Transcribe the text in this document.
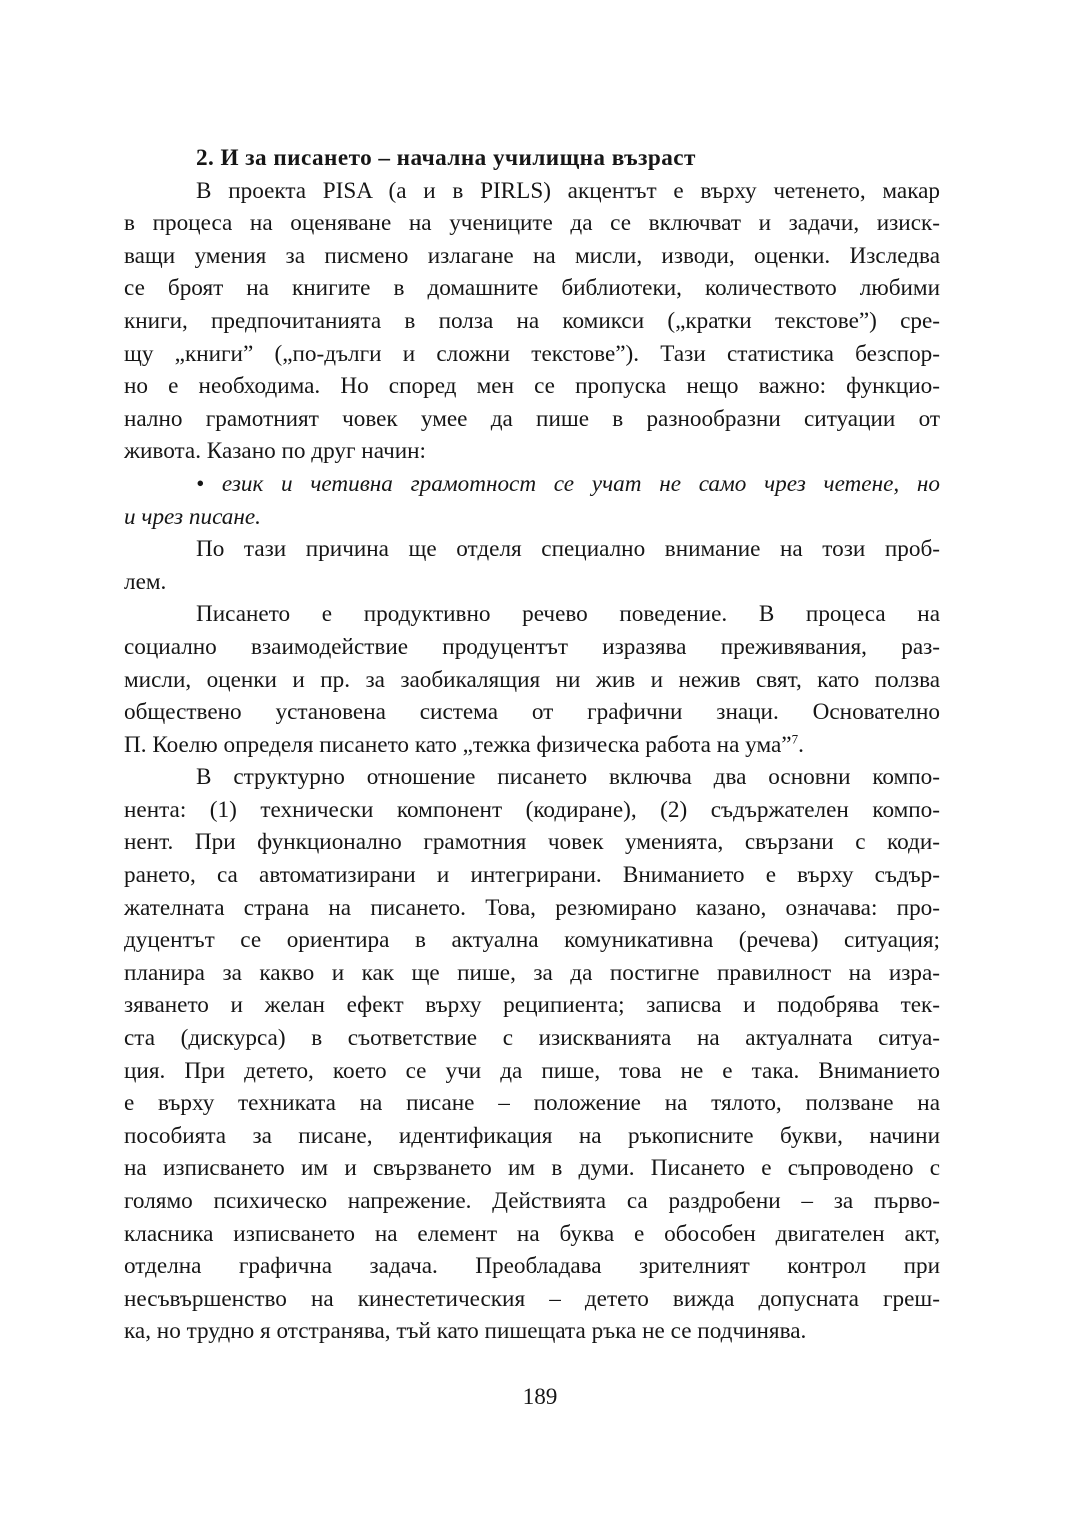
2. И за писането – начална училищна възраст
В проекта PISA (а и в PIRLS) акцентът е върху четенето, макар
в процеса на оценяване на учениците да се включват и задачи, изиск-
ващи умения за писмено излагане на мисли, изводи, оценки. Изследва
се броят на книгите в домашните библиотеки, количеството любими
книги, предпочитанията в полза на комикси („кратки текстове”) сре-
щу „книги” („по-дълги и сложни текстове”). Тази статистика безспор-
но е необходима. Но според мен се пропуска нещо важно: функцио-
нално грамотният човек умее да пише в разнообразни ситуации от
живота. Казано по друг начин:
• език и четивна грамотност се учат не само чрез четене, но
и чрез писане.
По тази причина ще отделя специално внимание на този проб-
лем.
Писането е продуктивно речево поведение. В процеса на
социално взаимодействие продуцентът изразява преживявания, раз-
мисли, оценки и пр. за заобикалящия ни жив и нежив свят, като ползва
обществено установена система от графични знаци. Основателно
П. Коелю определя писането като „тежка физическа работа на ума”$^7$.
В структурно отношение писането включва два основни компо-
нента: (1) технически компонент (кодиране), (2) съдържателен компо-
нент. При функционално грамотния човек уменията, свързани с коди-
рането, са автоматизирани и интегрирани. Вниманието е върху съдър-
жателната страна на писането. Това, резюмирано казано, означава: про-
дуцентът се ориентира в актуална комуникативна (речева) ситуация;
планира за какво и как ще пише, за да постигне правилност на изра-
зяването и желан ефект върху реципиента; записва и подобрява тек-
ста (дискурса) в съответствие с изискванията на актуалната ситуа-
ция. При детето, което се учи да пише, това не е така. Вниманието
е върху техниката на писане – положение на тялото, ползване на
пособията за писане, идентификация на ръкописните букви, начини
на изписването им и свързването им в думи. Писането е съпроводено с
голямо психическо напрежение. Действията са раздробени – за първо-
класника изписването на елемент на буква е обособен двигателен акт,
отделна графична задача. Преобладава зрителният контрол при
несъвършенство на кинестетическия – детето вижда допусната греш-
ка, но трудно я отстранява, тъй като пишещата ръка не се подчинява.
189
